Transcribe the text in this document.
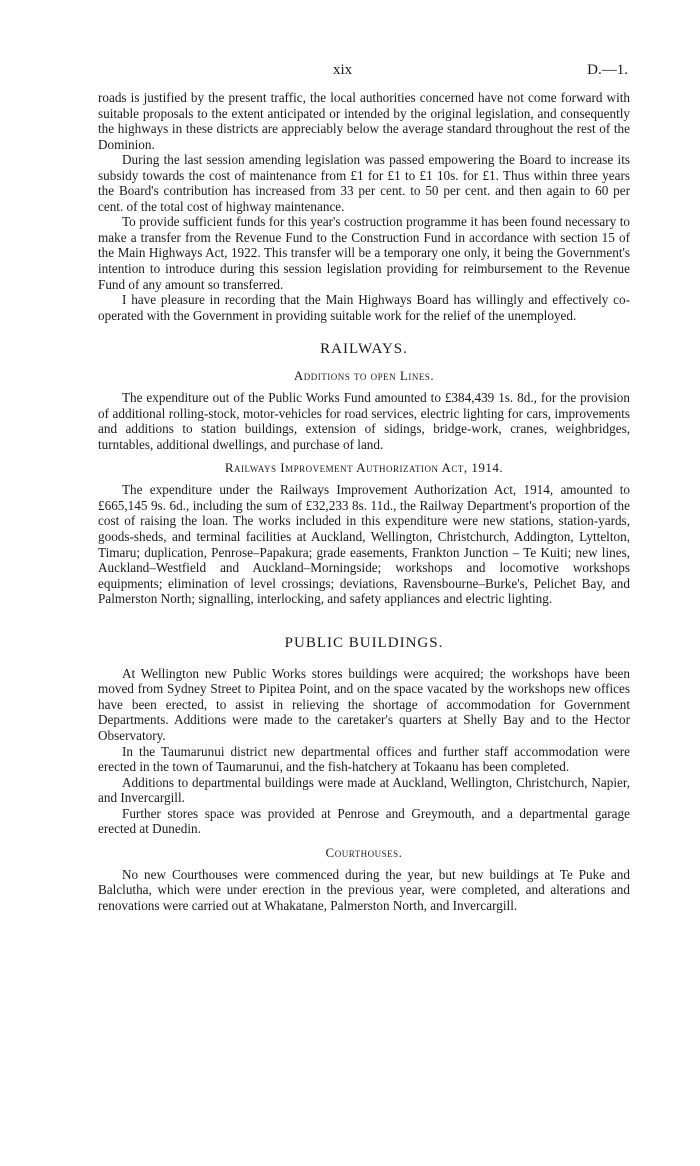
xix	D.—1.

roads is justified by the present traffic, the local authorities concerned have not come forward with suitable proposals to the extent anticipated or intended by the original legislation, and consequently the highways in these districts are appreciably below the average standard throughout the rest of the Dominion.

During the last session amending legislation was passed empowering the Board to increase its subsidy towards the cost of maintenance from £1 for £1 to £1 10s. for £1. Thus within three years the Board's contribution has increased from 33 per cent. to 50 per cent. and then again to 60 per cent. of the total cost of highway maintenance.

To provide sufficient funds for this year's costruction programme it has been found necessary to make a transfer from the Revenue Fund to the Construction Fund in accordance with section 15 of the Main Highways Act, 1922. This transfer will be a temporary one only, it being the Government's intention to introduce during this session legislation providing for reimbursement to the Revenue Fund of any amount so transferred.

I have pleasure in recording that the Main Highways Board has willingly and effectively co-operated with the Government in providing suitable work for the relief of the unemployed.

RAILWAYS.
Additions to open Lines.

The expenditure out of the Public Works Fund amounted to £384,439 1s. 8d., for the provision of additional rolling-stock, motor-vehicles for road services, electric lighting for cars, improvements and additions to station buildings, extension of sidings, bridge-work, cranes, weighbridges, turntables, additional dwellings, and purchase of land.

Railways Improvement Authorization Act, 1914.

The expenditure under the Railways Improvement Authorization Act, 1914, amounted to £665,145 9s. 6d., including the sum of £32,233 8s. 11d., the Railway Department's proportion of the cost of raising the loan. The works included in this expenditure were new stations, station-yards, goods-sheds, and terminal facilities at Auckland, Wellington, Christchurch, Addington, Lyttelton, Timaru; duplication, Penrose–Papakura; grade easements, Frankton Junction – Te Kuiti; new lines, Auckland–Westfield and Auckland–Morningside; workshops and locomotive workshops equipments; elimination of level crossings; deviations, Ravensbourne–Burke's, Pelichet Bay, and Palmerston North; signalling, interlocking, and safety appliances and electric lighting.

PUBLIC BUILDINGS.

At Wellington new Public Works stores buildings were acquired; the workshops have been moved from Sydney Street to Pipitea Point, and on the space vacated by the workshops new offices have been erected, to assist in relieving the shortage of accommodation for Government Departments. Additions were made to the caretaker's quarters at Shelly Bay and to the Hector Observatory.

In the Taumarunui district new departmental offices and further staff accommodation were erected in the town of Taumarunui, and the fish-hatchery at Tokaanu has been completed.

Additions to departmental buildings were made at Auckland, Wellington, Christchurch, Napier, and Invercargill.

Further stores space was provided at Penrose and Greymouth, and a departmental garage erected at Dunedin.

Courthouses.

No new Courthouses were commenced during the year, but new buildings at Te Puke and Balclutha, which were under erection in the previous year, were completed, and alterations and renovations were carried out at Whakatane, Palmerston North, and Invercargill.
